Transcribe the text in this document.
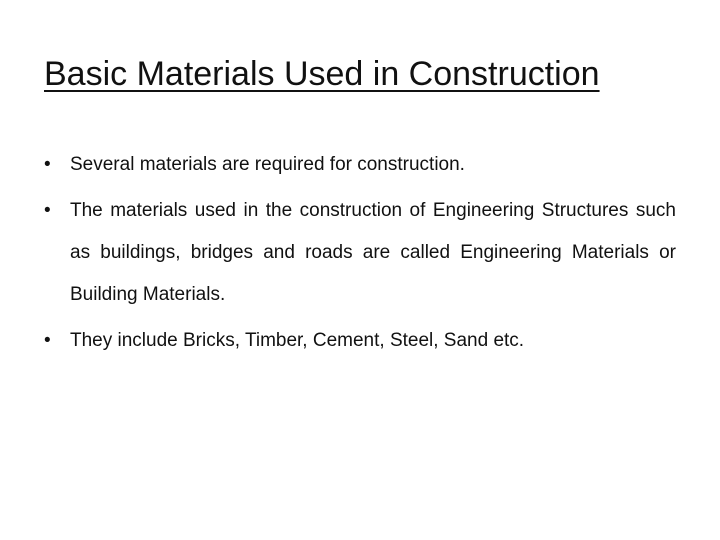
Basic Materials Used in Construction
•	Several materials are required for construction.
•	The materials used in the construction of Engineering Structures such as buildings, bridges and roads are called Engineering Materials or Building Materials.
•	They include Bricks, Timber, Cement, Steel, Sand etc.
